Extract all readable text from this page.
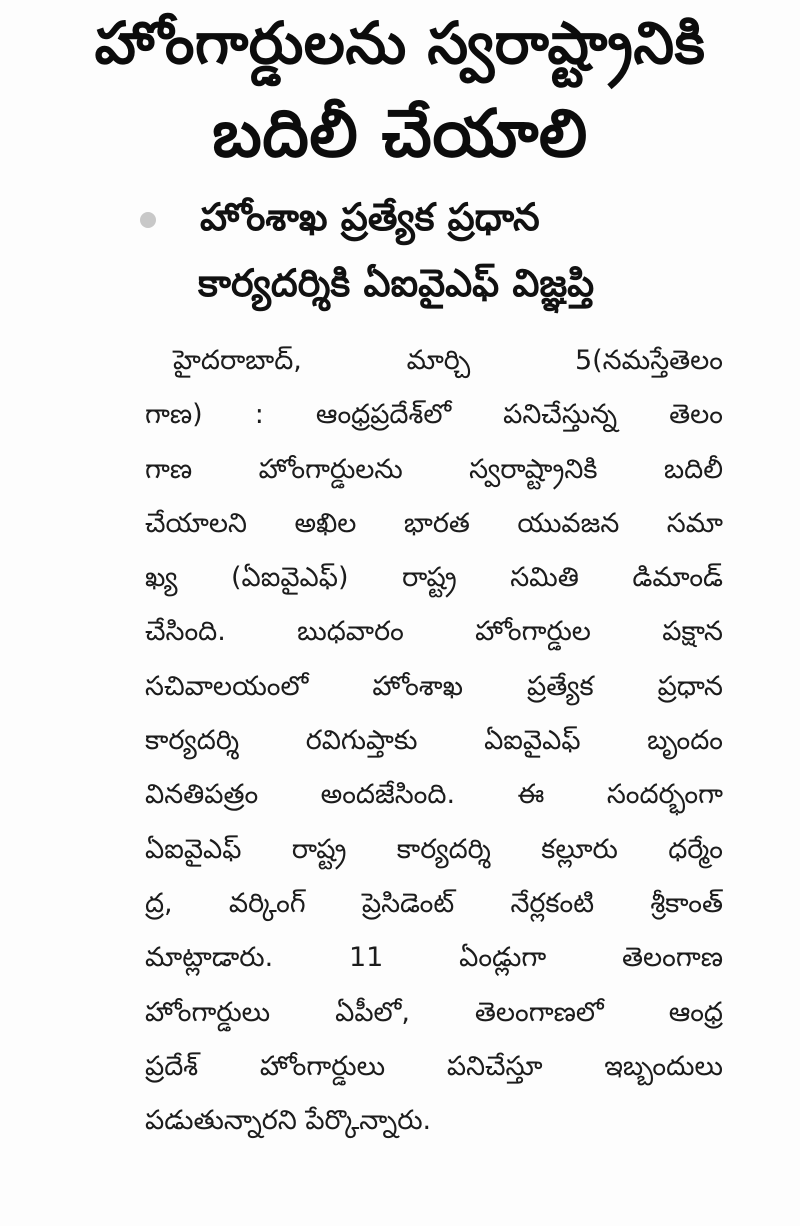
హోంగార్డులను స్వరాష్ట్రానికి
బదిలీ చేయాలి
హోంశాఖ ప్రత్యేక ప్రధాన
కార్యదర్శికి ఏఐవైఎఫ్‌ విజ్ఞప్తి
హైదరాబాద్‌, మార్చి 5(నమస్తేతెలం
గాణ) : ఆంధ్రప్రదేశ్‌లో పనిచేస్తున్న తెలం
గాణ హోంగార్డులను స్వరాష్ట్రానికి బదిలీ
చేయాలని అఖిల భారత యువజన సమా
ఖ్య (ఏఐవైఎఫ్‌) రాష్ట్ర సమితి డిమాండ్‌
చేసింది. బుధవారం హోంగార్డుల పక్షాన
సచివాలయంలో హోంశాఖ ప్రత్యేక ప్రధాన
కార్యదర్శి రవిగుప్తాకు ఏఐవైఎఫ్‌ బృందం
వినతిపత్రం అందజేసింది. ఈ సందర్భంగా
ఏఐవైఎఫ్‌ రాష్ట్ర కార్యదర్శి కల్లూరు ధర్మేం
ద్ర, వర్కింగ్‌ ప్రెసిడెంట్‌ నేర్లకంటి శ్రీకాంత్‌
మాట్లాడారు. 11 ఏండ్లుగా తెలంగాణ
హోంగార్డులు ఏపీలో, తెలంగాణలో ఆంధ్ర
ప్రదేశ్‌ హోంగార్డులు పనిచేస్తూ ఇబ్బందులు
పడుతున్నారని పేర్కొన్నారు.
